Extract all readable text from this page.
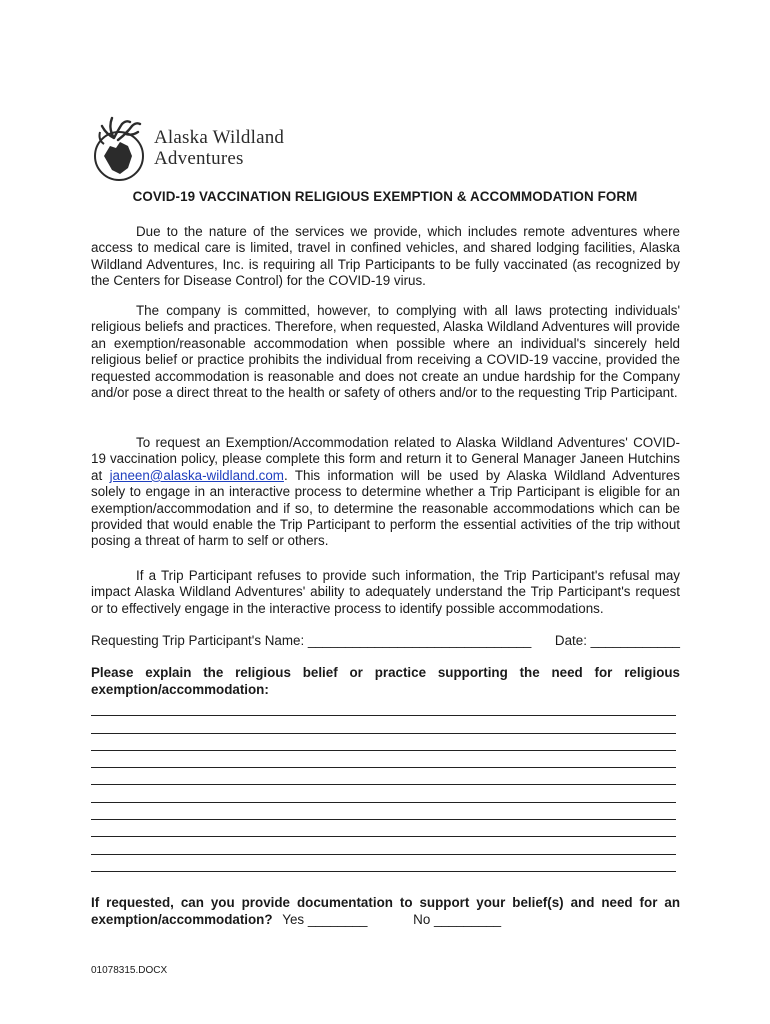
Alaska Wildland
Adventures
COVID-19 VACCINATION RELIGIOUS EXEMPTION & ACCOMMODATION FORM

Due to the nature of the services we provide, which includes remote adventures where access to medical care is limited, travel in confined vehicles, and shared lodging facilities, Alaska Wildland Adventures, Inc. is requiring all Trip Participants to be fully vaccinated (as recognized by the Centers for Disease Control) for the COVID-19 virus.

The company is committed, however, to complying with all laws protecting individuals' religious beliefs and practices. Therefore, when requested, Alaska Wildland Adventures will provide an exemption/reasonable accommodation when possible where an individual's sincerely held religious belief or practice prohibits the individual from receiving a COVID-19 vaccine, provided the requested accommodation is reasonable and does not create an undue hardship for the Company and/or pose a direct threat to the health or safety of others and/or to the requesting Trip Participant.

To request an Exemption/Accommodation related to Alaska Wildland Adventures' COVID-19 vaccination policy, please complete this form and return it to General Manager Janeen Hutchins at janeen@alaska-wildland.com. This information will be used by Alaska Wildland Adventures solely to engage in an interactive process to determine whether a Trip Participant is eligible for an exemption/accommodation and if so, to determine the reasonable accommodations which can be provided that would enable the Trip Participant to perform the essential activities of the trip without posing a threat of harm to self or others.

If a Trip Participant refuses to provide such information, the Trip Participant's refusal may impact Alaska Wildland Adventures' ability to adequately understand the Trip Participant's request or to effectively engage in the interactive process to identify possible accommodations.

Requesting Trip Participant's Name: ______________________________ Date: ____________
Please explain the religious belief or practice supporting the need for religious exemption/accommodation:
If requested, can you provide documentation to support your belief(s) and need for an
exemption/accommodation? Yes ________	No _________
01078315.DOCX
